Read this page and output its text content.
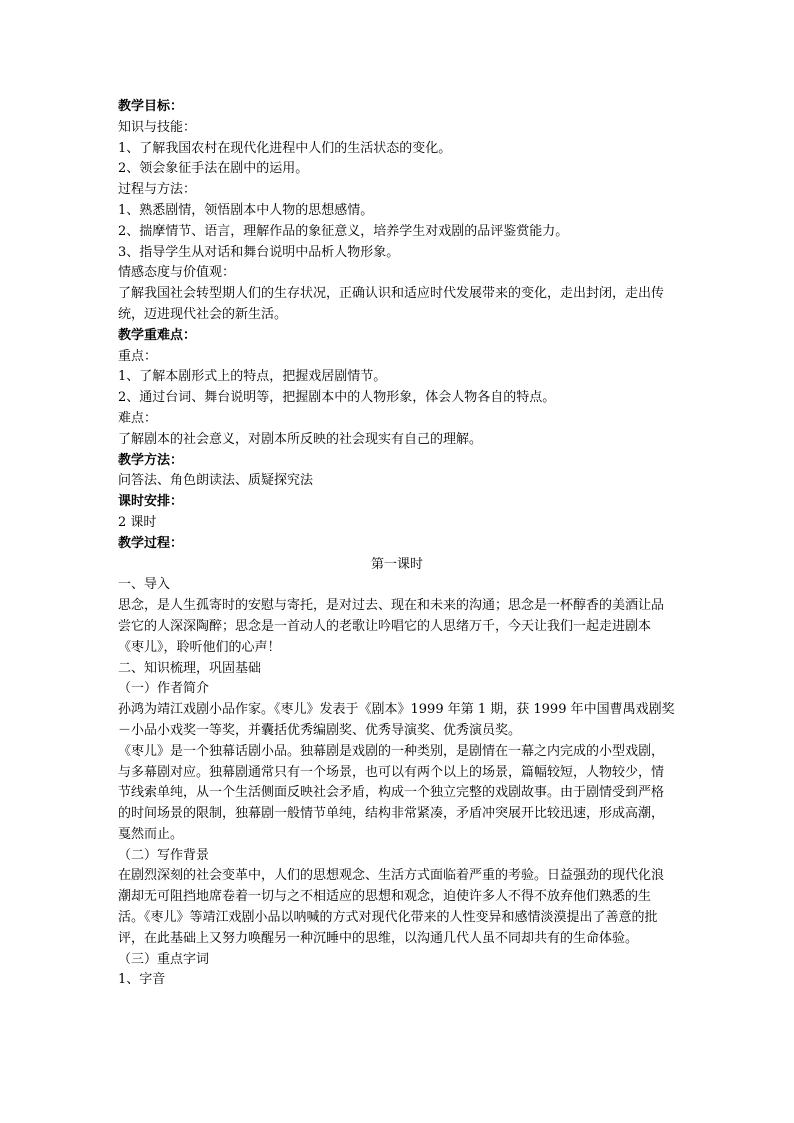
教学目标：
知识与技能：
1、了解我国农村在现代化进程中人们的生活状态的变化。
2、领会象征手法在剧中的运用。
过程与方法：
1、熟悉剧情，领悟剧本中人物的思想感情。
2、揣摩情节、语言，理解作品的象征意义，培养学生对戏剧的品评鉴赏能力。
3、指导学生从对话和舞台说明中品析人物形象。
情感态度与价值观：
了解我国社会转型期人们的生存状况，正确认识和适应时代发展带来的变化，走出封闭，走出传统，迈进现代社会的新生活。
教学重难点：
重点：
1、了解本剧形式上的特点，把握戏居剧情节。
2、通过台词、舞台说明等，把握剧本中的人物形象，体会人物各自的特点。
难点：
了解剧本的社会意义，对剧本所反映的社会现实有自己的理解。
教学方法：
问答法、角色朗读法、质疑探究法
课时安排：
2 课时
教学过程：
第一课时
一、导入
思念，是人生孤寄时的安慰与寄托，是对过去、现在和未来的沟通；思念是一杯醇香的美酒让品尝它的人深深陶醉；思念是一首动人的老歌让吟唱它的人思绪万千，今天让我们一起走进剧本《枣儿》，聆听他们的心声！
二、知识梳理，巩固基础
（一）作者简介
孙鸿为靖江戏剧小品作家。《枣儿》发表于《剧本》1999 年第 1 期，获 1999 年中国曹禺戏剧奖－小品小戏奖一等奖，并囊括优秀编剧奖、优秀导演奖、优秀演员奖。
《枣儿》是一个独幕话剧小品。独幕剧是戏剧的一种类别，是剧情在一幕之内完成的小型戏剧，与多幕剧对应。独幕剧通常只有一个场景，也可以有两个以上的场景，篇幅较短，人物较少，情节线索单纯，从一个生活侧面反映社会矛盾，构成一个独立完整的戏剧故事。由于剧情受到严格的时间场景的限制，独幕剧一般情节单纯，结构非常紧凑，矛盾冲突展开比较迅速，形成高潮，戛然而止。
（二）写作背景
在剧烈深刻的社会变革中，人们的思想观念、生活方式面临着严重的考验。日益强劲的现代化浪潮却无可阻挡地席卷着一切与之不相适应的思想和观念，迫使许多人不得不放弃他们熟悉的生活。《枣儿》等靖江戏剧小品以呐喊的方式对现代化带来的人性变异和感情淡漠提出了善意的批评，在此基础上又努力唤醒另一种沉睡中的思维，以沟通几代人虽不同却共有的生命体验。
（三）重点字词
1、字音
